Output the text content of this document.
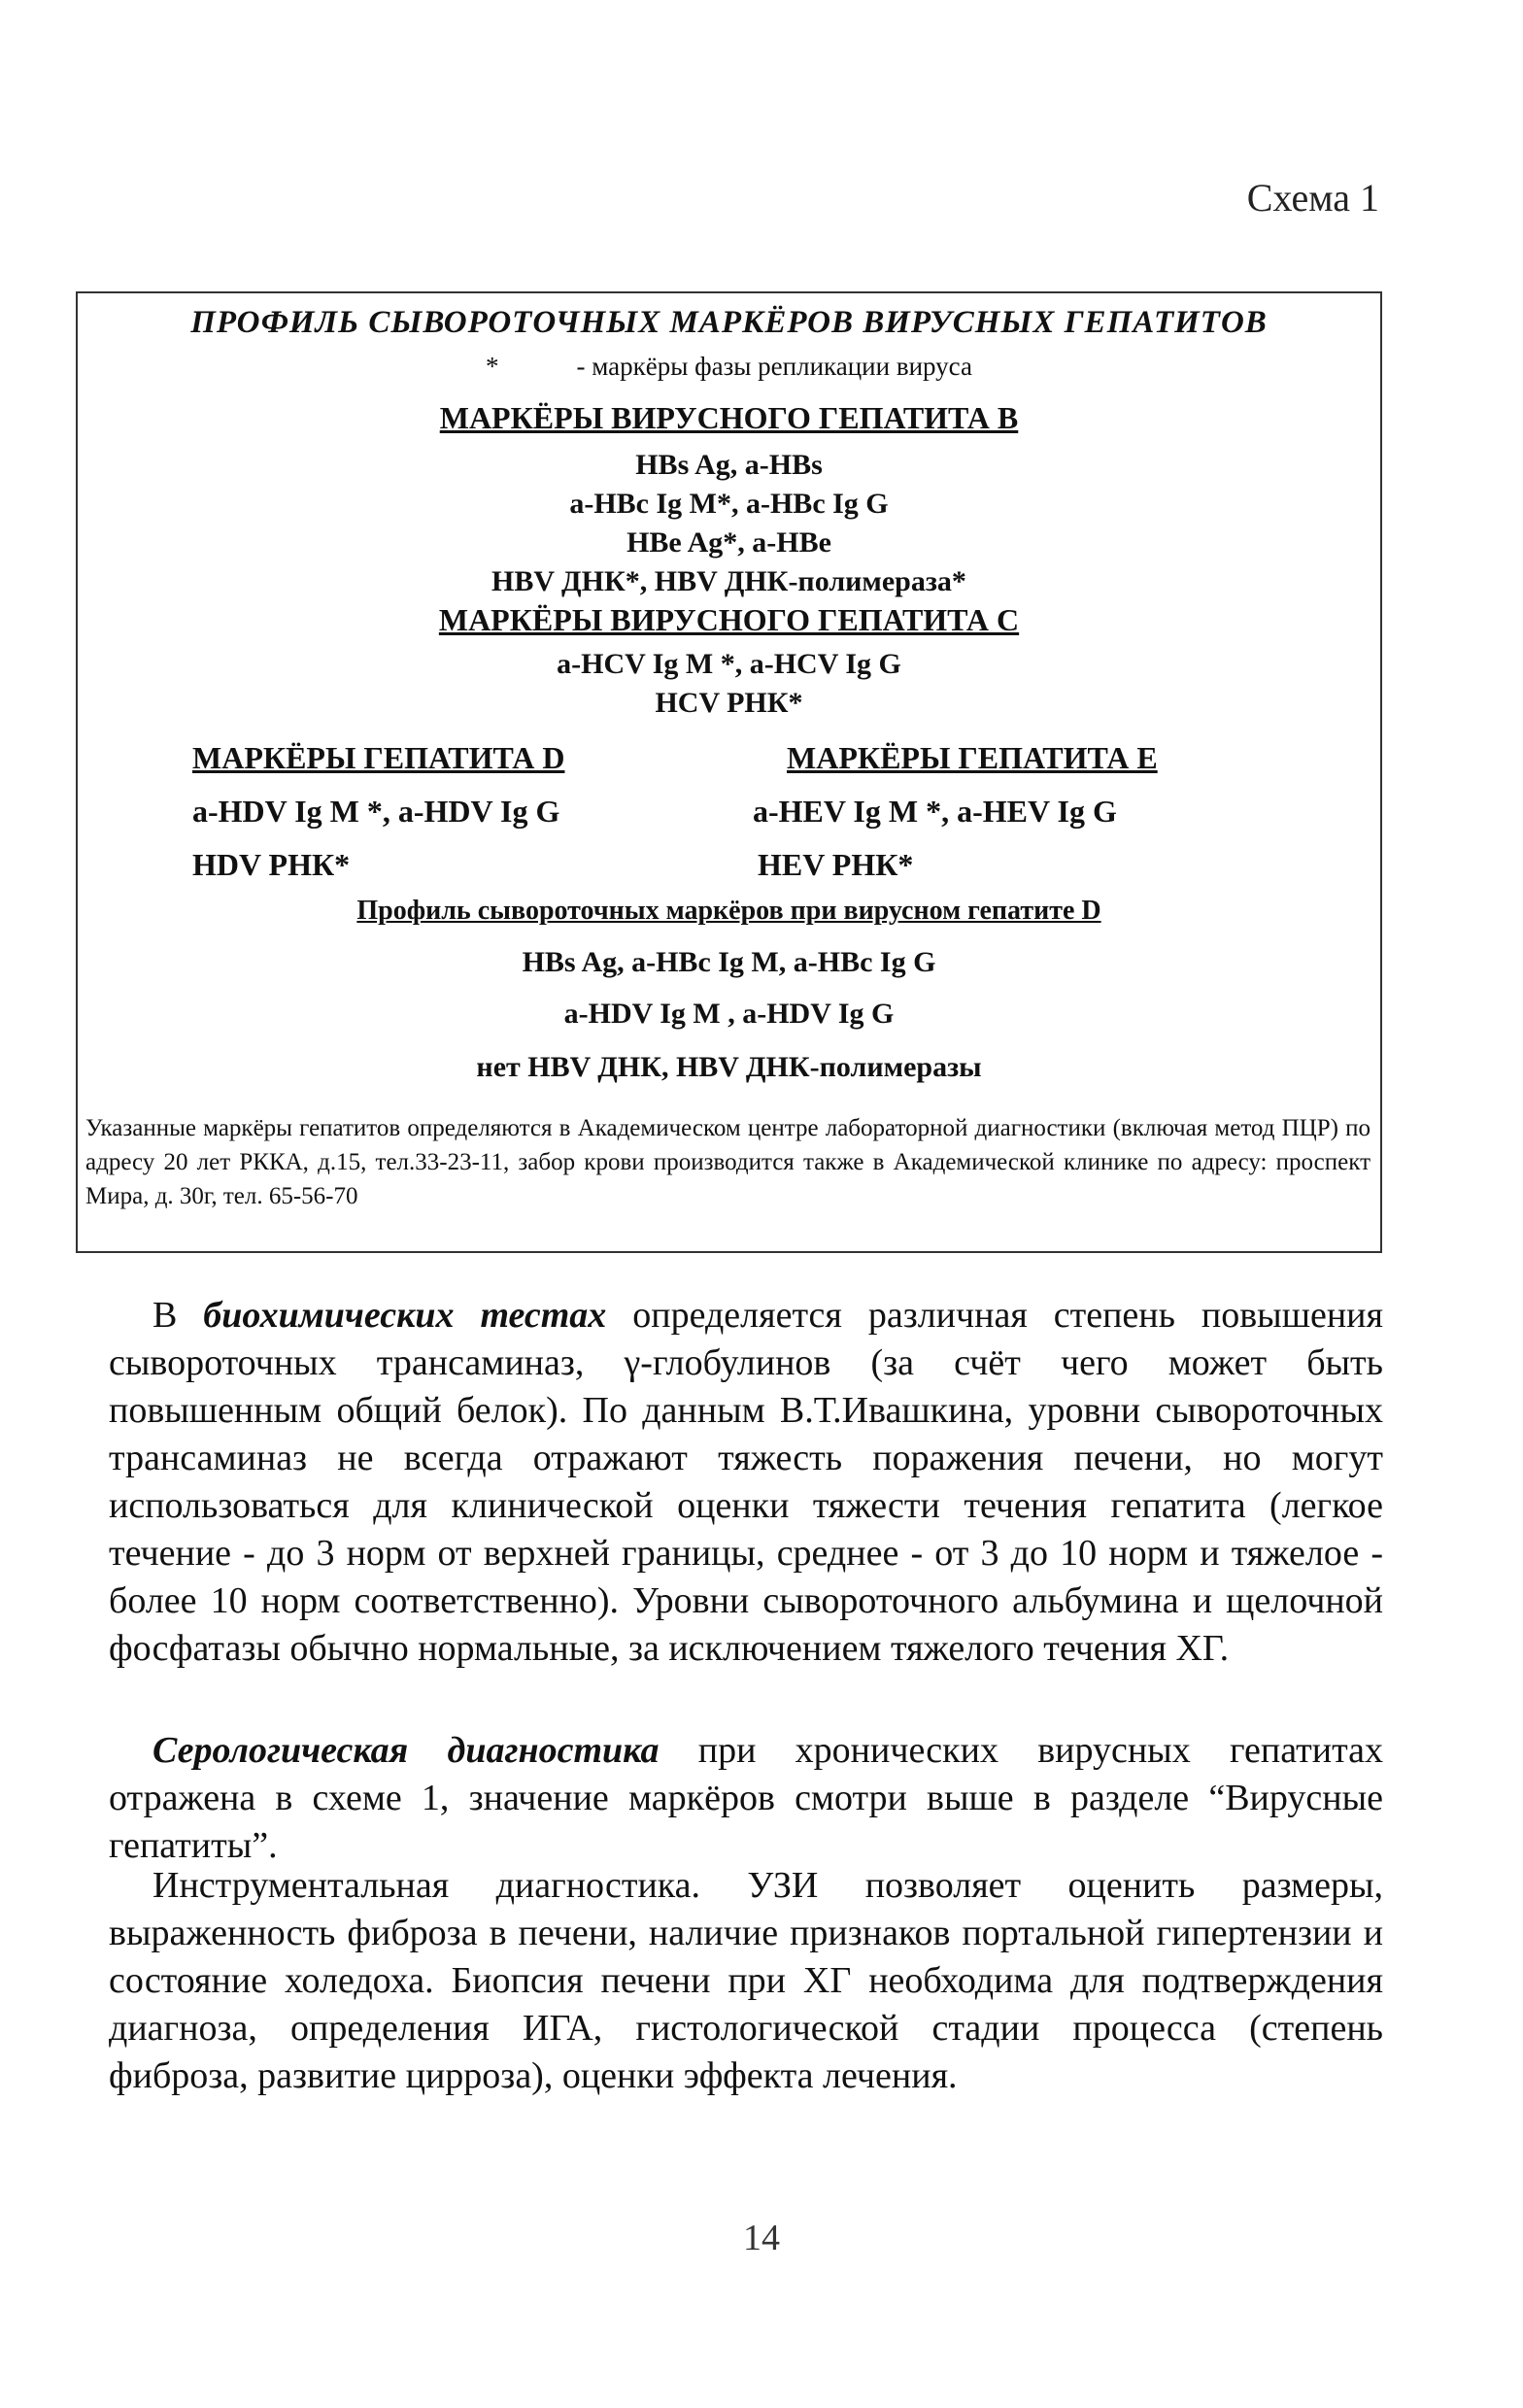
Схема 1
ПРОФИЛЬ СЫВОРОТОЧНЫХ МАРКЁРОВ ВИРУСНЫХ ГЕПАТИТОВ
*	- маркёры фазы репликации вируса
МАРКЁРЫ ВИРУСНОГО ГЕПАТИТА В
HBs Ag, a-HBs
a-HBc Ig M*, a-HBc Ig G
HBe Ag*, a-HBe
HBV ДНК*, HBV ДНК-полимераза*
МАРКЁРЫ ВИРУСНОГО ГЕПАТИТА С
a-HCV Ig M *, a-HCV Ig G
HCV РНК*
МАРКЁРЫ ГЕПАТИТА D
a-HDV Ig M *, a-HDV Ig G
HDV РНК*
МАРКЁРЫ ГЕПАТИТА Е
a-HEV Ig M *, a-HEV Ig G
HEV РНК*
Профиль сывороточных маркёров при вирусном гепатите D
HBs Ag, a-HBc Ig M, a-HBc Ig G
a-HDV Ig M , a-HDV Ig G
нет HBV ДНК, HBV ДНК-полимеразы
Указанные маркёры гепатитов определяются в Академическом центре лабораторной диагностики (включая метод ПЦР) по адресу 20 лет РККА, д.15, тел.33-23-11, забор крови производится также в Академической клинике по адресу: проспект Мира, д. 30г, тел. 65-56-70

В биохимических тестах определяется различная степень повышения сывороточных трансаминаз, γ-глобулинов (за счёт чего может быть повышенным общий белок). По данным В.Т.Ивашкина, уровни сывороточных трансаминаз не всегда отражают тяжесть поражения печени, но могут использоваться для клинической оценки тяжести течения гепатита (легкое течение - до 3 норм от верхней границы, среднее - от 3 до 10 норм и тяжелое - более 10 норм соответственно). Уровни сывороточного альбумина и щелочной фосфатазы обычно нормальные, за исключением тяжелого течения ХГ.

Серологическая диагностика при хронических вирусных гепатитах отражена в схеме 1, значение маркёров смотри выше в разделе “Вирусные гепатиты”.

Инструментальная диагностика. УЗИ позволяет оценить размеры, выраженность фиброза в печени, наличие признаков портальной гипертензии и состояние холедоха. Биопсия печени при ХГ необходима для подтверждения диагноза, определения ИГА, гистологической стадии процесса (степень фиброза, развитие цирроза), оценки эффекта лечения.

14
